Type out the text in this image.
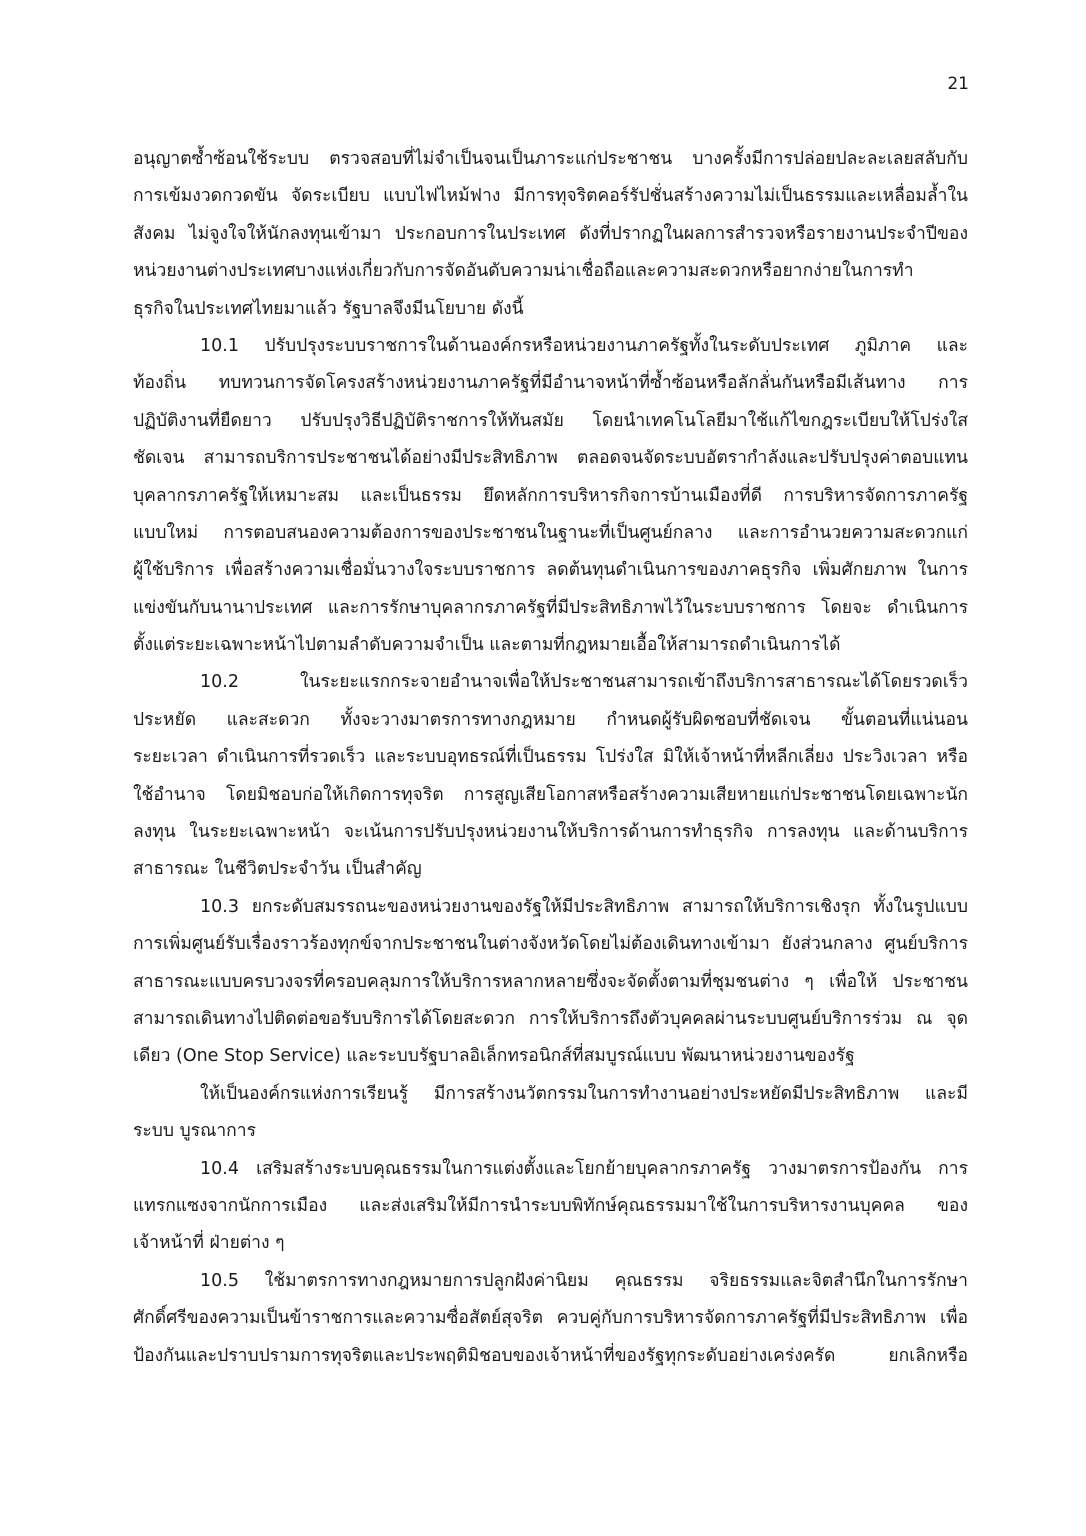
21
อนุญาตซ้ำซ้อนใช้ระบบ ตรวจสอบที่ไม่จำเป็นจนเป็นภาระแก่ประชาชน บางครั้งมีการปล่อยปละละเลยสลับกับ
การเข้มงวดกวดขัน จัดระเบียบ แบบไฟไหม้ฟาง มีการทุจริตคอร์รัปชั่นสร้างความไม่เป็นธรรมและเหลื่อมล้ำใน
สังคม ไม่จูงใจให้นักลงทุนเข้ามา ประกอบการในประเทศ ดังที่ปรากฏในผลการสำรวจหรือรายงานประจำปีของ
หน่วยงานต่างประเทศบางแห่งเกี่ยวกับการจัดอันดับความน่าเชื่อถือและความสะดวกหรือยากง่ายในการทำ
ธุรกิจในประเทศไทยมาแล้ว รัฐบาลจึงมีนโยบาย ดังนี้
10.1 ปรับปรุงระบบราชการในด้านองค์กรหรือหน่วยงานภาครัฐทั้งในระดับประเทศ ภูมิภาค และ
ท้องถิ่น ทบทวนการจัดโครงสร้างหน่วยงานภาครัฐที่มีอำนาจหน้าที่ซ้ำซ้อนหรือลักลั่นกันหรือมีเส้นทาง การ
ปฏิบัติงานที่ยืดยาว ปรับปรุงวิธีปฏิบัติราชการให้ทันสมัย โดยนำเทคโนโลยีมาใช้แก้ไขกฎระเบียบให้โปร่งใส
ชัดเจน สามารถบริการประชาชนได้อย่างมีประสิทธิภาพ ตลอดจนจัดระบบอัตรากำลังและปรับปรุงค่าตอบแทน
บุคลากรภาครัฐให้เหมาะสม และเป็นธรรม ยึดหลักการบริหารกิจการบ้านเมืองที่ดี การบริหารจัดการภาครัฐ
แบบใหม่ การตอบสนองความต้องการของประชาชนในฐานะที่เป็นศูนย์กลาง และการอำนวยความสะดวกแก่
ผู้ใช้บริการ เพื่อสร้างความเชื่อมั่นวางใจระบบราชการ ลดต้นทุนดำเนินการของภาคธุรกิจ เพิ่มศักยภาพ ในการ
แข่งขันกับนานาประเทศ และการรักษาบุคลากรภาครัฐที่มีประสิทธิภาพไว้ในระบบราชการ โดยจะ ดำเนินการ
ตั้งแต่ระยะเฉพาะหน้าไปตามลำดับความจำเป็น และตามที่กฎหมายเอื้อให้สามารถดำเนินการได้
10.2 ในระยะแรกกระจายอำนาจเพื่อให้ประชาชนสามารถเข้าถึงบริการสาธารณะได้โดยรวดเร็ว
ประหยัด และสะดวก ทั้งจะวางมาตรการทางกฎหมาย กำหนดผู้รับผิดชอบที่ชัดเจน ขั้นตอนที่แน่นอน
ระยะเวลา ดำเนินการที่รวดเร็ว และระบบอุทธรณ์ที่เป็นธรรม โปร่งใส มิให้เจ้าหน้าที่หลีกเลี่ยง ประวิงเวลา หรือ
ใช้อำนาจ โดยมิชอบก่อให้เกิดการทุจริต การสูญเสียโอกาสหรือสร้างความเสียหายแก่ประชาชนโดยเฉพาะนัก
ลงทุน ในระยะเฉพาะหน้า จะเน้นการปรับปรุงหน่วยงานให้บริการด้านการทำธุรกิจ การลงทุน และด้านบริการ
สาธารณะ ในชีวิตประจำวัน เป็นสำคัญ
10.3 ยกระดับสมรรถนะของหน่วยงานของรัฐให้มีประสิทธิภาพ สามารถให้บริการเชิงรุก ทั้งในรูปแบบ
การเพิ่มศูนย์รับเรื่องราวร้องทุกข์จากประชาชนในต่างจังหวัดโดยไม่ต้องเดินทางเข้ามา ยังส่วนกลาง ศูนย์บริการ
สาธารณะแบบครบวงจรที่ครอบคลุมการให้บริการหลากหลายซึ่งจะจัดตั้งตามที่ชุมชนต่าง ๆ เพื่อให้ ประชาชน
สามารถเดินทางไปติดต่อขอรับบริการได้โดยสะดวก การให้บริการถึงตัวบุคคลผ่านระบบศูนย์บริการร่วม ณ จุด
เดียว (One Stop Service) และระบบรัฐบาลอิเล็กทรอนิกส์ที่สมบูรณ์แบบ พัฒนาหน่วยงานของรัฐ
ให้เป็นองค์กรแห่งการเรียนรู้ มีการสร้างนวัตกรรมในการทำงานอย่างประหยัดมีประสิทธิภาพ และมี
ระบบ บูรณาการ
10.4 เสริมสร้างระบบคุณธรรมในการแต่งตั้งและโยกย้ายบุคลากรภาครัฐ วางมาตรการป้องกัน การ
แทรกแซงจากนักการเมือง และส่งเสริมให้มีการนำระบบพิทักษ์คุณธรรมมาใช้ในการบริหารงานบุคคล ของ
เจ้าหน้าที่ ฝ่ายต่าง ๆ
10.5 ใช้มาตรการทางกฎหมายการปลูกฝังค่านิยม คุณธรรม จริยธรรมและจิตสำนึกในการรักษา
ศักดิ์ศรีของความเป็นข้าราชการและความซื่อสัตย์สุจริต ควบคู่กับการบริหารจัดการภาครัฐที่มีประสิทธิภาพ เพื่อ
ป้องกันและปราบปรามการทุจริตและประพฤติมิชอบของเจ้าหน้าที่ของรัฐทุกระดับอย่างเคร่งครัด ยกเลิกหรือ
